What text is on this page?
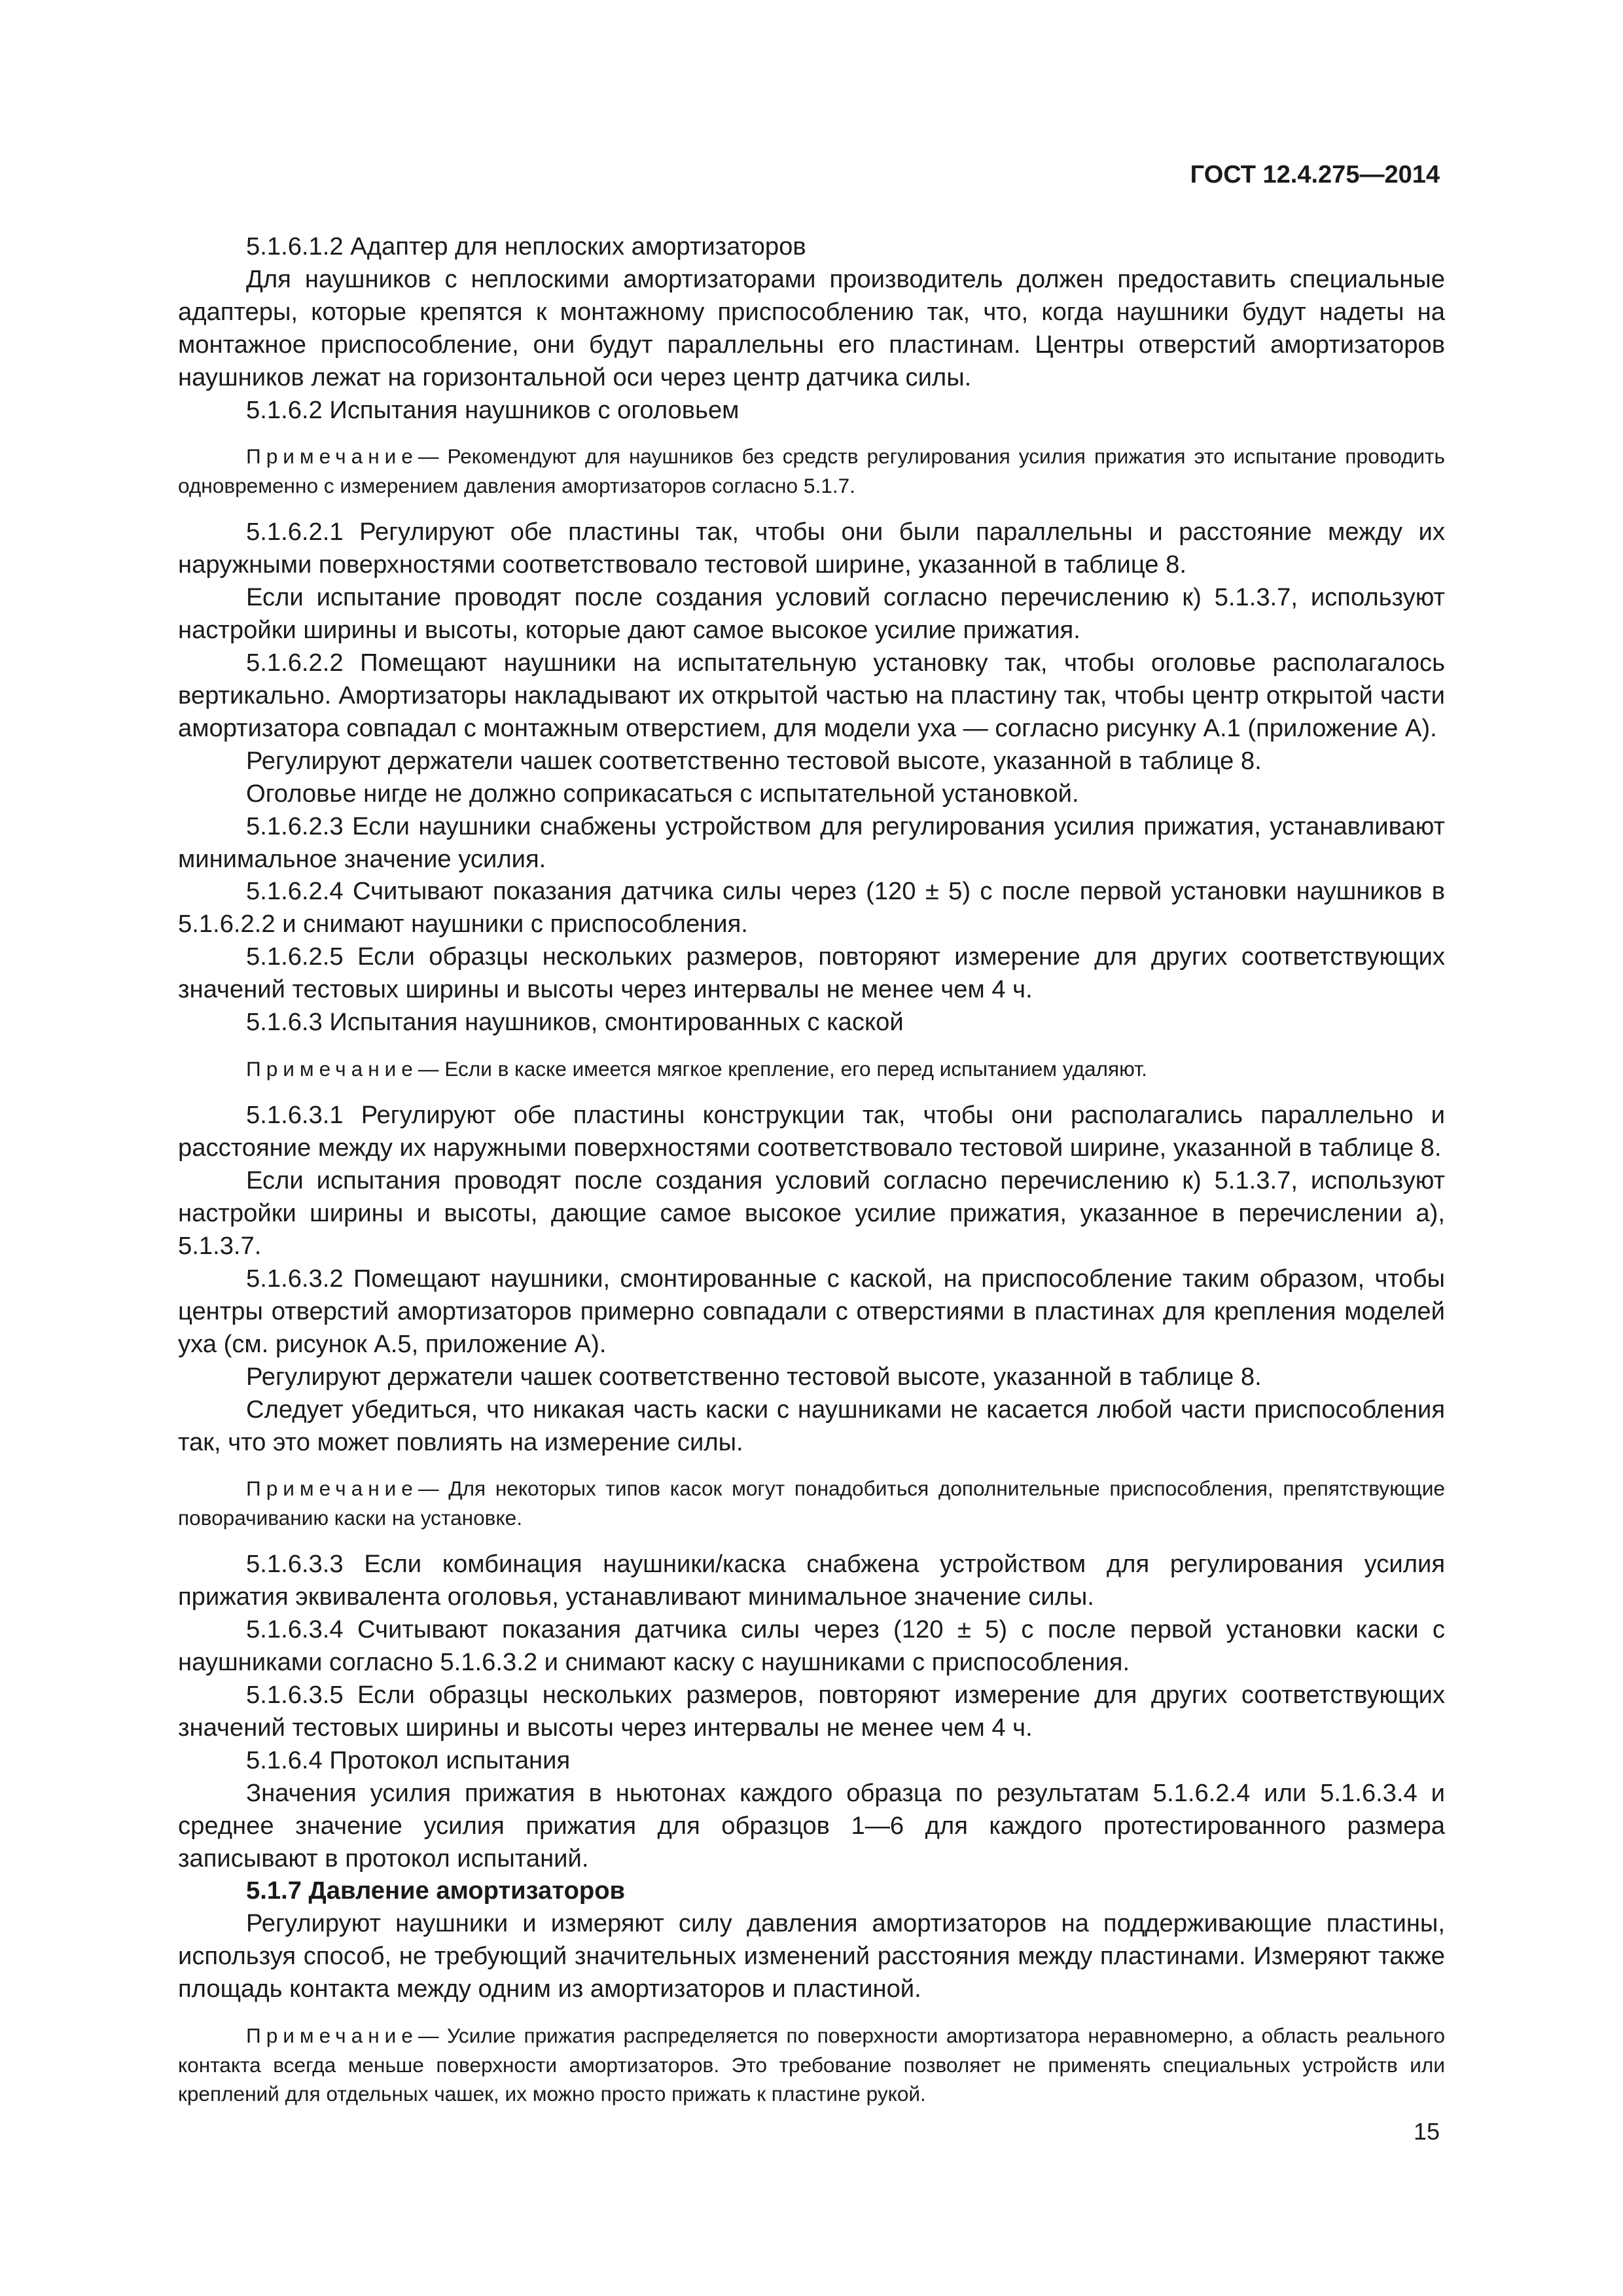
ГОСТ 12.4.275—2014

5.1.6.1.2 Адаптер для неплоских амортизаторов

Для наушников с неплоскими амортизаторами производитель должен предоставить специальные адаптеры, которые крепятся к монтажному приспособлению так, что, когда наушники будут надеты на монтажное приспособление, они будут параллельны его пластинам. Центры отверстий амортизаторов наушников лежат на горизонтальной оси через центр датчика силы.

5.1.6.2 Испытания наушников с оголовьем

Примечание— Рекомендуют для наушников без средств регулирования усилия прижатия это испытание проводить одновременно с измерением давления амортизаторов согласно 5.1.7.

5.1.6.2.1 Регулируют обе пластины так, чтобы они были параллельны и расстояние между их наружными поверхностями соответствовало тестовой ширине, указанной в таблице 8.

Если испытание проводят после создания условий согласно перечислению к) 5.1.3.7, используют настройки ширины и высоты, которые дают самое высокое усилие прижатия.

5.1.6.2.2 Помещают наушники на испытательную установку так, чтобы оголовье располагалось вертикально. Амортизаторы накладывают их открытой частью на пластину так, чтобы центр открытой части амортизатора совпадал с монтажным отверстием, для модели уха — согласно рисунку А.1 (приложение А).

Регулируют держатели чашек соответственно тестовой высоте, указанной в таблице 8.

Оголовье нигде не должно соприкасаться с испытательной установкой.

5.1.6.2.3 Если наушники снабжены устройством для регулирования усилия прижатия, устанавливают минимальное значение усилия.

5.1.6.2.4 Считывают показания датчика силы через (120 ± 5) с после первой установки наушников в 5.1.6.2.2 и снимают наушники с приспособления.

5.1.6.2.5 Если образцы нескольких размеров, повторяют измерение для других соответствующих значений тестовых ширины и высоты через интервалы не менее чем 4 ч.

5.1.6.3 Испытания наушников, смонтированных с каской

Примечание— Если в каске имеется мягкое крепление, его перед испытанием удаляют.

5.1.6.3.1 Регулируют обе пластины конструкции так, чтобы они располагались параллельно и расстояние между их наружными поверхностями соответствовало тестовой ширине, указанной в таблице 8.

Если испытания проводят после создания условий согласно перечислению к) 5.1.3.7, используют настройки ширины и высоты, дающие самое высокое усилие прижатия, указанное в перечислении а), 5.1.3.7.

5.1.6.3.2 Помещают наушники, смонтированные с каской, на приспособление таким образом, чтобы центры отверстий амортизаторов примерно совпадали с отверстиями в пластинах для крепления моделей уха (см. рисунок А.5, приложение А).

Регулируют держатели чашек соответственно тестовой высоте, указанной в таблице 8.

Следует убедиться, что никакая часть каски с наушниками не касается любой части приспособления так, что это может повлиять на измерение силы.

Примечание— Для некоторых типов касок могут понадобиться дополнительные приспособления, препятствующие поворачиванию каски на установке.

5.1.6.3.3 Если комбинация наушники/каска снабжена устройством для регулирования усилия прижатия эквивалента оголовья, устанавливают минимальное значение силы.

5.1.6.3.4 Считывают показания датчика силы через (120 ± 5) с после первой установки каски с наушниками согласно 5.1.6.3.2 и снимают каску с наушниками с приспособления.

5.1.6.3.5 Если образцы нескольких размеров, повторяют измерение для других соответствующих значений тестовых ширины и высоты через интервалы не менее чем 4 ч.

5.1.6.4 Протокол испытания

Значения усилия прижатия в ньютонах каждого образца по результатам 5.1.6.2.4 или 5.1.6.3.4 и среднее значение усилия прижатия для образцов 1—6 для каждого протестированного размера записывают в протокол испытаний.

5.1.7 Давление амортизаторов

Регулируют наушники и измеряют силу давления амортизаторов на поддерживающие пластины, используя способ, не требующий значительных изменений расстояния между пластинами. Измеряют также площадь контакта между одним из амортизаторов и пластиной.

Примечание— Усилие прижатия распределяется по поверхности амортизатора неравномерно, а область реального контакта всегда меньше поверхности амортизаторов. Это требование позволяет не применять специальных устройств или креплений для отдельных чашек, их можно просто прижать к пластине рукой.

15
